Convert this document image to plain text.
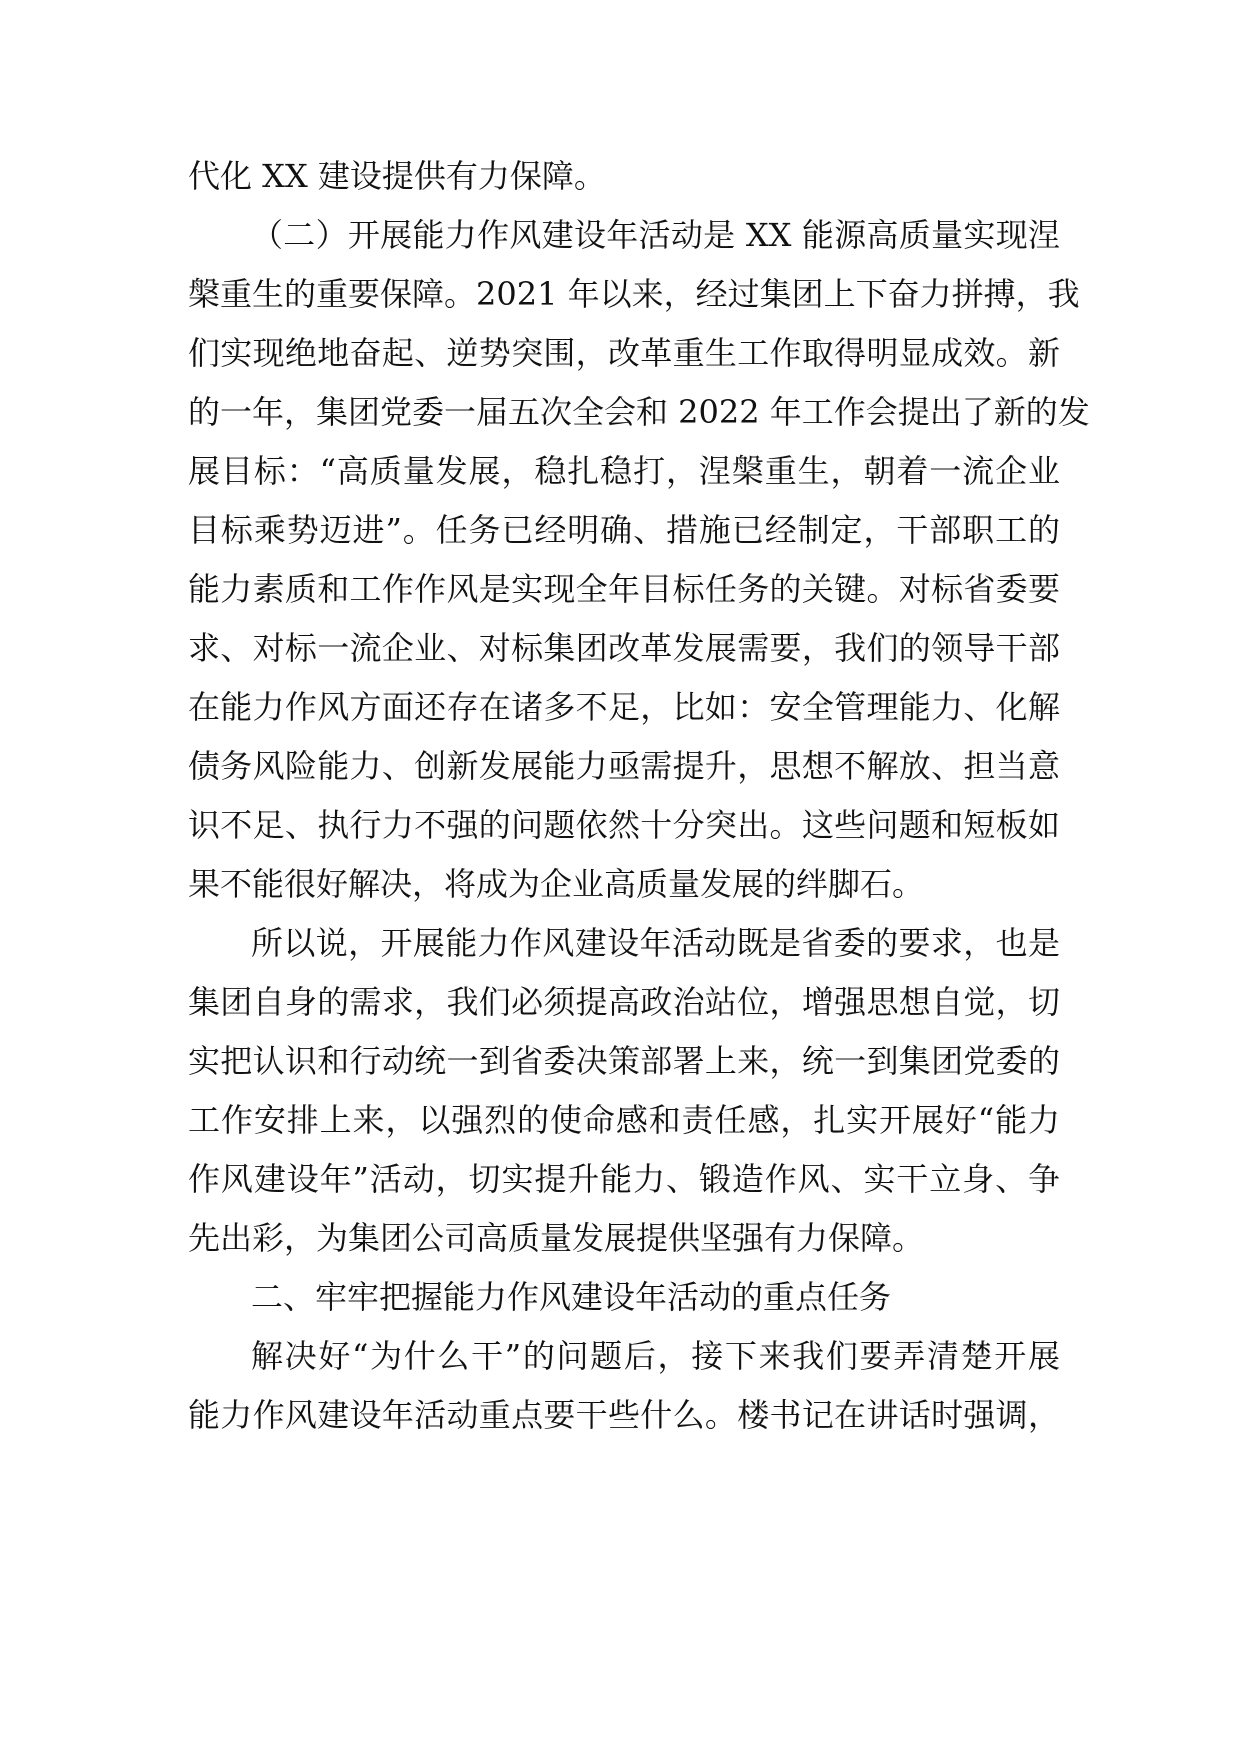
代化 XX 建设提供有力保障。
（二）开展能力作风建设年活动是 XX 能源高质量实现涅
槃重生的重要保障。2021 年以来，经过集团上下奋力拼搏，我
们实现绝地奋起、逆势突围，改革重生工作取得明显成效。新
的一年，集团党委一届五次全会和 2022 年工作会提出了新的发
展目标：“高质量发展，稳扎稳打，涅槃重生，朝着一流企业
目标乘势迈进”。任务已经明确、措施已经制定，干部职工的
能力素质和工作作风是实现全年目标任务的关键。对标省委要
求、对标一流企业、对标集团改革发展需要，我们的领导干部
在能力作风方面还存在诸多不足，比如：安全管理能力、化解
债务风险能力、创新发展能力亟需提升，思想不解放、担当意
识不足、执行力不强的问题依然十分突出。这些问题和短板如
果不能很好解决，将成为企业高质量发展的绊脚石。
所以说，开展能力作风建设年活动既是省委的要求，也是
集团自身的需求，我们必须提高政治站位，增强思想自觉，切
实把认识和行动统一到省委决策部署上来，统一到集团党委的
工作安排上来，以强烈的使命感和责任感，扎实开展好“能力
作风建设年”活动，切实提升能力、锻造作风、实干立身、争
先出彩，为集团公司高质量发展提供坚强有力保障。
二、牢牢把握能力作风建设年活动的重点任务
解决好“为什么干”的问题后，接下来我们要弄清楚开展
能力作风建设年活动重点要干些什么。楼书记在讲话时强调，
